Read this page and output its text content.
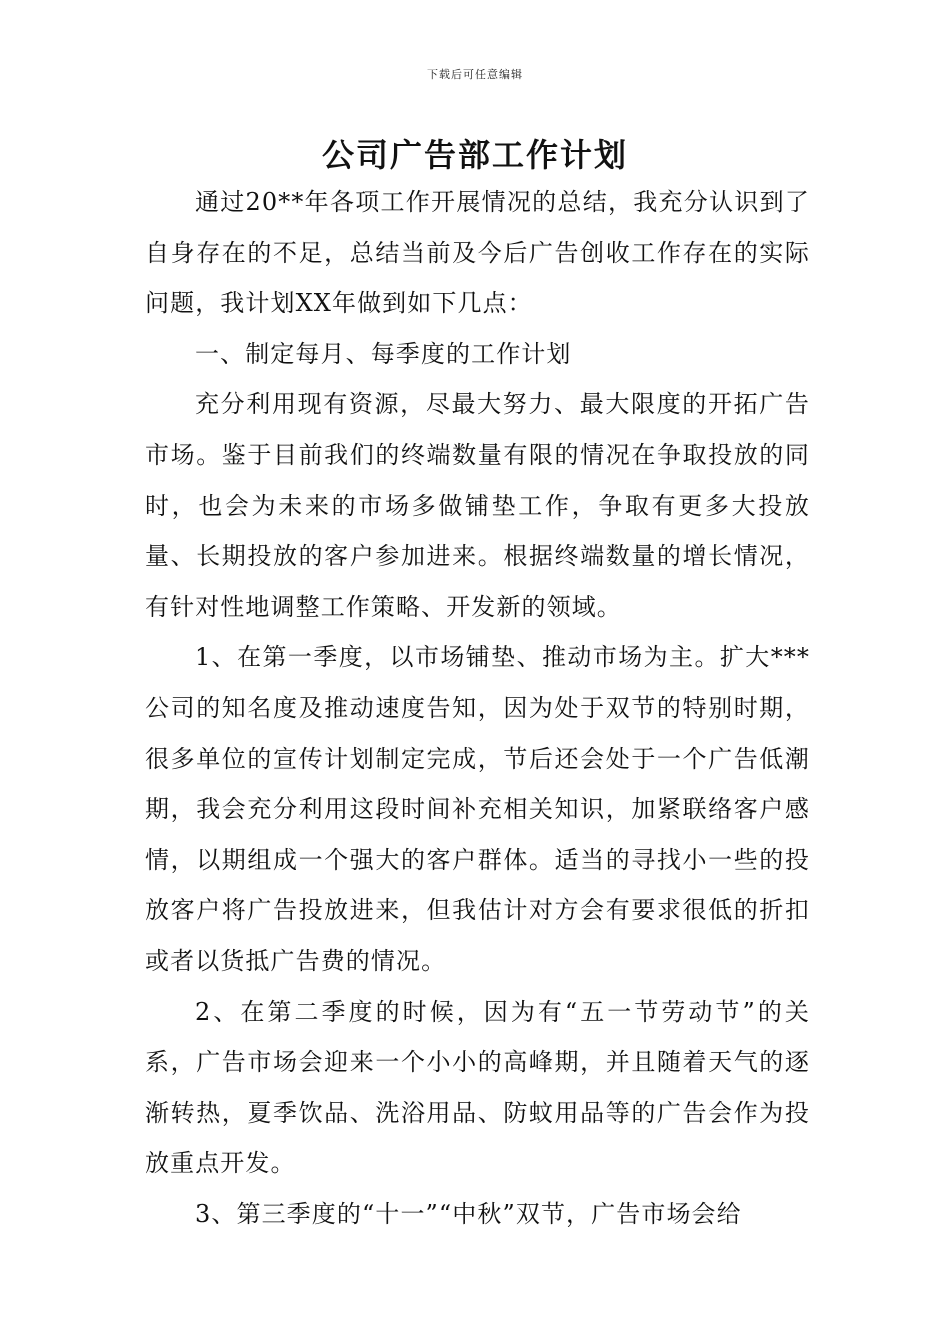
下载后可任意编辑
公司广告部工作计划

通过20**年各项工作开展情况的总结，我充分认识到了自身存在的不足，总结当前及今后广告创收工作存在的实际问题，我计划XX年做到如下几点：

一、制定每月、每季度的工作计划

充分利用现有资源，尽最大努力、最大限度的开拓广告市场。鉴于目前我们的终端数量有限的情况在争取投放的同时，也会为未来的市场多做铺垫工作，争取有更多大投放量、长期投放的客户参加进来。根据终端数量的增长情况，有针对性地调整工作策略、开发新的领域。

1、在第一季度，以市场铺垫、推动市场为主。扩大***公司的知名度及推动速度告知，因为处于双节的特别时期，很多单位的宣传计划制定完成，节后还会处于一个广告低潮期，我会充分利用这段时间补充相关知识，加紧联络客户感情，以期组成一个强大的客户群体。适当的寻找小一些的投放客户将广告投放进来，但我估计对方会有要求很低的折扣或者以货抵广告费的情况。

2、在第二季度的时候，因为有“五一节劳动节”的关系，广告市场会迎来一个小小的高峰期，并且随着天气的逐渐转热，夏季饮品、洗浴用品、防蚊用品等的广告会作为投放重点开发。

3、第三季度的“十一”“中秋”双节，广告市场会给
